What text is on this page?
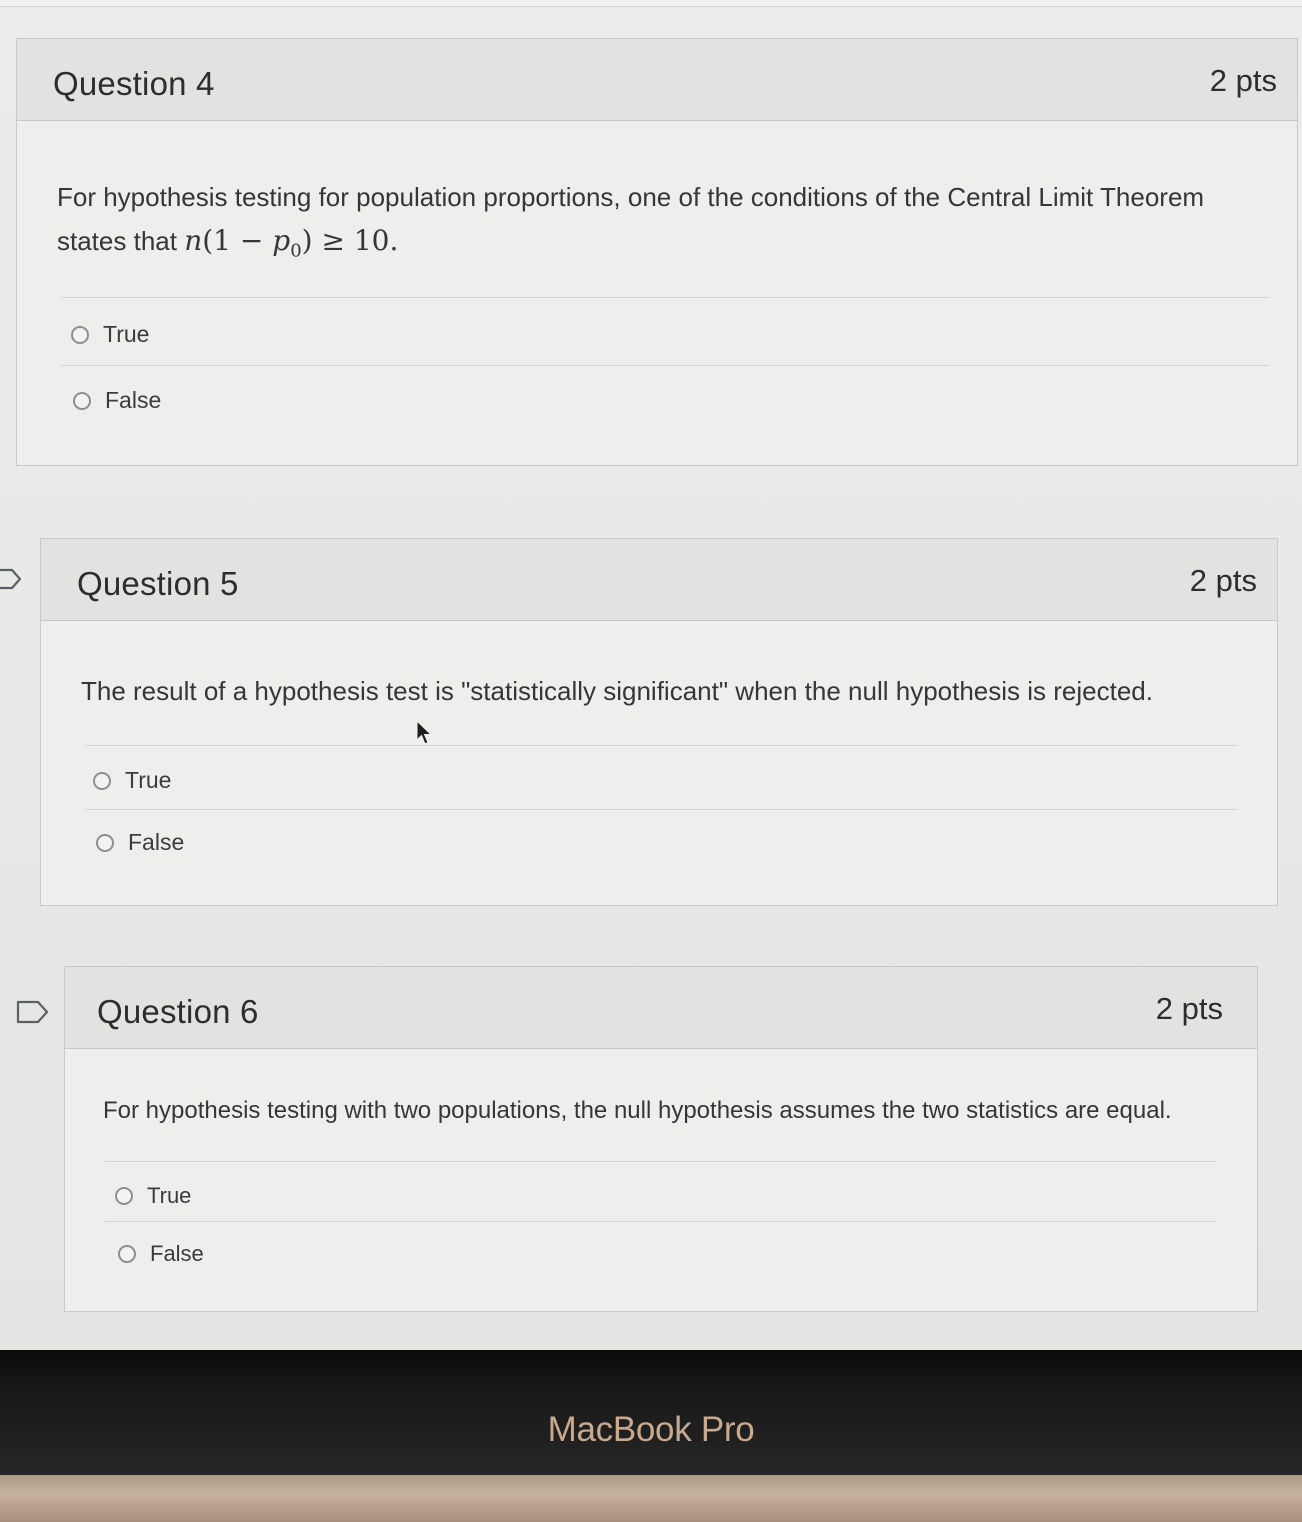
Question 4	2 pts
For hypothesis testing for population proportions, one of the conditions of the Central Limit Theorem states that $n(1 - p_0) \ge 10$.
True
False
Question 5	2 pts
The result of a hypothesis test is "statistically significant" when the null hypothesis is rejected.
True
False
Question 6	2 pts
For hypothesis testing with two populations, the null hypothesis assumes the two statistics are equal.
True
False
MacBook Pro
